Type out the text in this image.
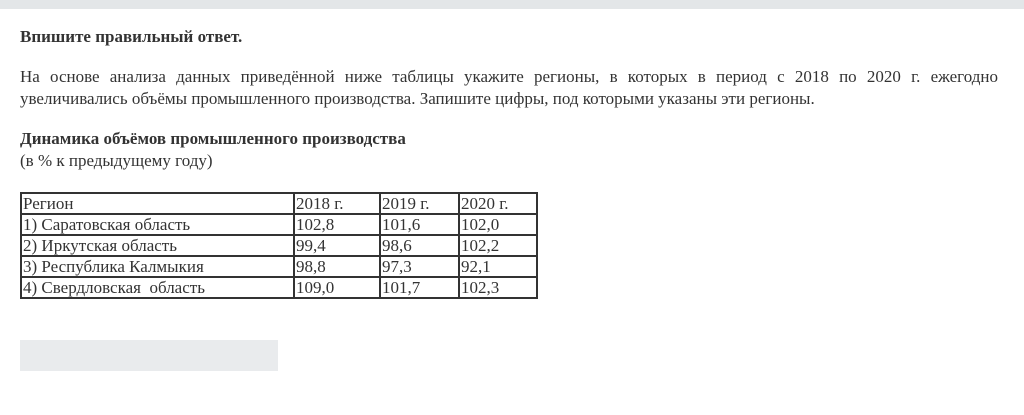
Впишите правильный ответ.

На основе анализа данных приведённой ниже таблицы укажите регионы, в которых в период с 2018 по 2020 г. ежегодно увеличивались объёмы промышленного производства. Запишите цифры, под которыми указаны эти регионы.

Динамика объёмов промышленного производства

(в % к предыдущему году)

Регион	2018 г.	2019 г.	2020 г.
1) Саратовская область	102,8	101,6	102,0
2) Иркутская область	99,4	98,6	102,2
3) Республика Калмыкия	98,8	97,3	92,1
4) Свердловская  область	109,0	101,7	102,3
